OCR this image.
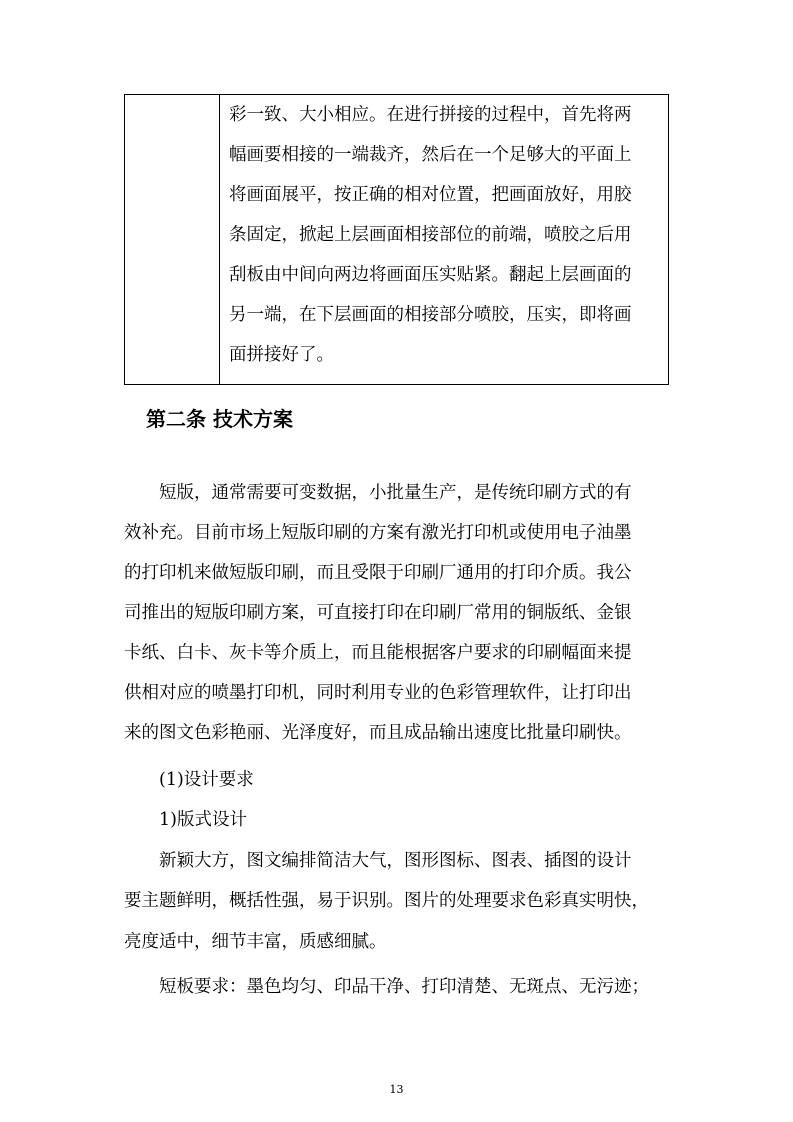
彩一致、大小相应。在进行拼接的过程中，首先将两
幅画要相接的一端裁齐，然后在一个足够大的平面上
将画面展平，按正确的相对位置，把画面放好，用胶
条固定，掀起上层画面相接部位的前端，喷胶之后用
刮板由中间向两边将画面压实贴紧。翻起上层画面的
另一端，在下层画面的相接部分喷胶，压实，即将画
面拼接好了。
第二条 技术方案
短版，通常需要可变数据，小批量生产，是传统印刷方式的有
效补充。目前市场上短版印刷的方案有激光打印机或使用电子油墨
的打印机来做短版印刷，而且受限于印刷厂通用的打印介质。我公
司推出的短版印刷方案，可直接打印在印刷厂常用的铜版纸、金银
卡纸、白卡、灰卡等介质上，而且能根据客户要求的印刷幅面来提
供相对应的喷墨打印机，同时利用专业的色彩管理软件，让打印出
来的图文色彩艳丽、光泽度好，而且成品输出速度比批量印刷快。
(1)设计要求
1)版式设计
新颖大方，图文编排简洁大气，图形图标、图表、插图的设计
要主题鲜明，概括性强，易于识别。图片的处理要求色彩真实明快，
亮度适中，细节丰富，质感细腻。
短板要求：墨色均匀、印品干净、打印清楚、无斑点、无污迹；
13
